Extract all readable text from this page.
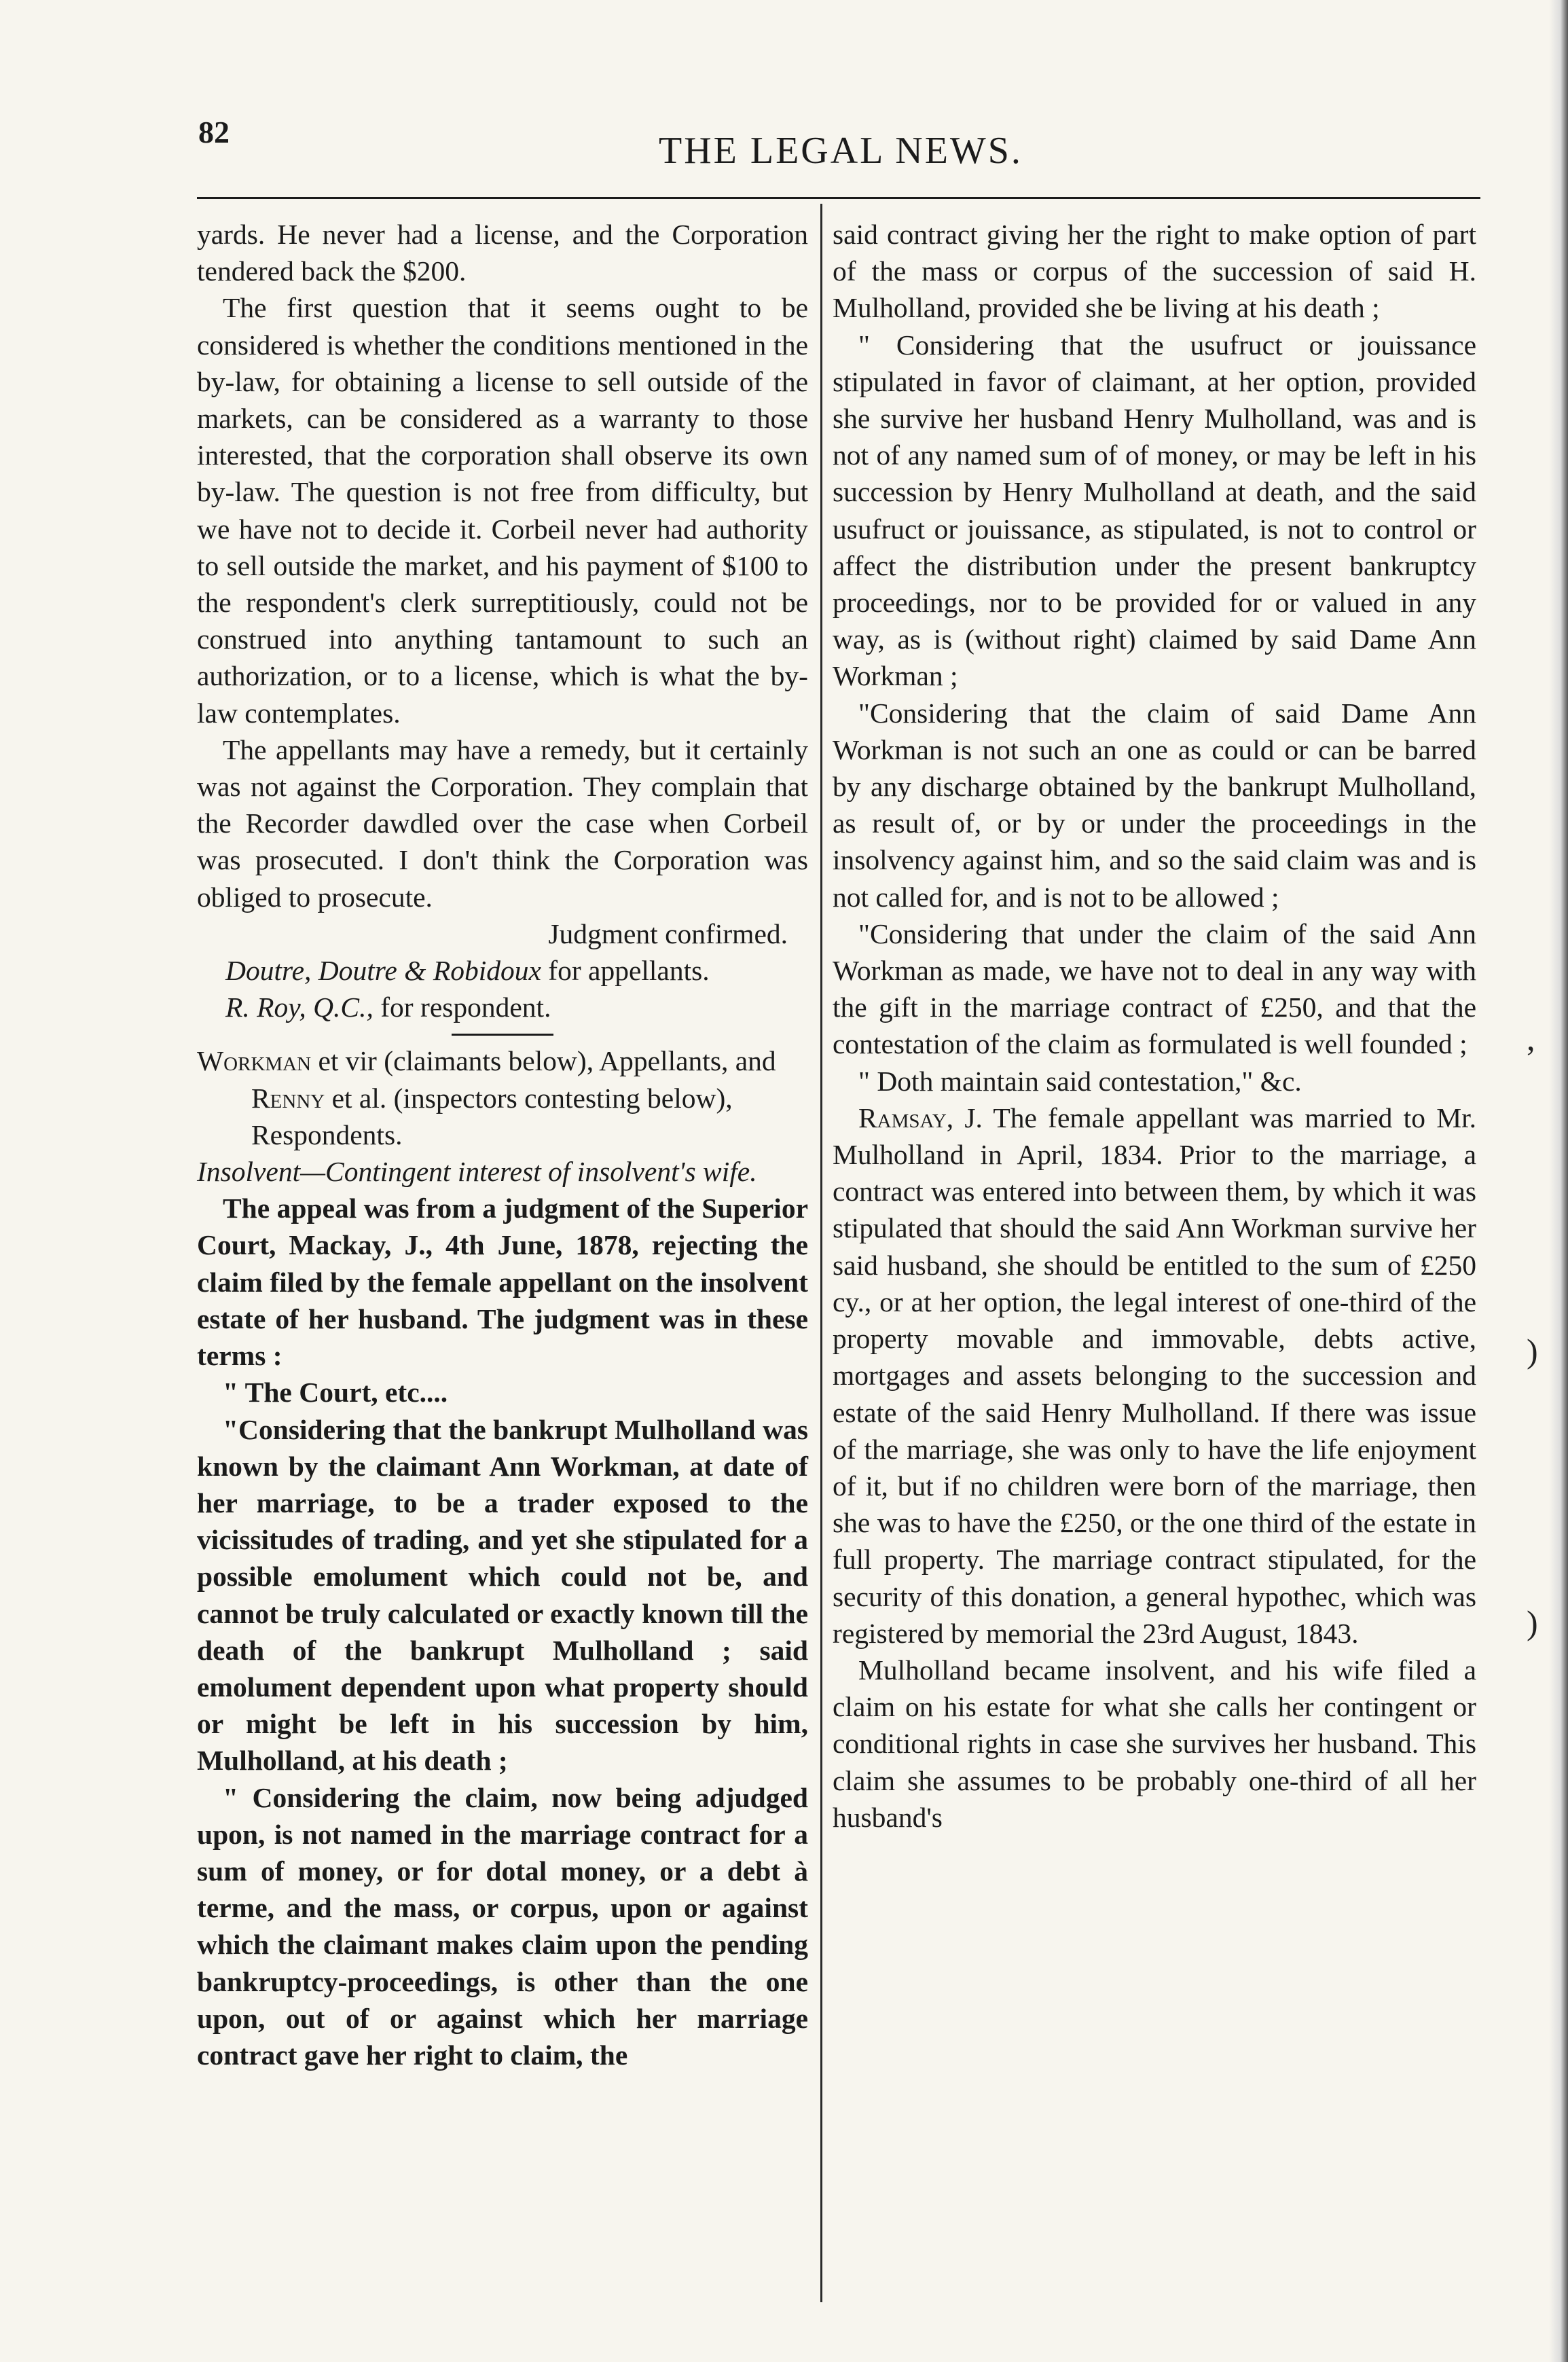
82	THE LEGAL NEWS.

yards. He never had a license, and the Corporation tendered back the $200.

The first question that it seems ought to be considered is whether the conditions mentioned in the by-law, for obtaining a license to sell outside of the markets, can be considered as a warranty to those interested, that the corporation shall observe its own by-law. The question is not free from difficulty, but we have not to decide it. Corbeil never had authority to sell outside the market, and his payment of $100 to the respondent's clerk surreptitiously, could not be construed into anything tantamount to such an authorization, or to a license, which is what the by-law contemplates.

The appellants may have a remedy, but it certainly was not against the Corporation. They complain that the Recorder dawdled over the case when Corbeil was prosecuted. I don't think the Corporation was obliged to prosecute.

Judgment confirmed.

Doutre, Doutre & Robidoux for appellants.

R. Roy, Q.C., for respondent.

Workman et vir (claimants below), Appellants, and Renny et al. (inspectors contesting below), Respondents.

Insolvent—Contingent interest of insolvent's wife.

The appeal was from a judgment of the Superior Court, Mackay, J., 4th June, 1878, rejecting the claim filed by the female appellant on the insolvent estate of her husband. The judgment was in these terms :

" The Court, etc....

"Considering that the bankrupt Mulholland was known by the claimant Ann Workman, at date of her marriage, to be a trader exposed to the vicissitudes of trading, and yet she stipulated for a possible emolument which could not be, and cannot be truly calculated or exactly known till the death of the bankrupt Mulholland ; said emolument dependent upon what property should or might be left in his succession by him, Mulholland, at his death ;

" Considering the claim, now being adjudged upon, is not named in the marriage contract for a sum of money, or for dotal money, or a debt à terme, and the mass, or corpus, upon or against which the claimant makes claim upon the pending bankruptcy-proceedings, is other than the one upon, out of or against which her marriage contract gave her right to claim, the

said contract giving her the right to make option of part of the mass or corpus of the succession of said H. Mulholland, provided she be living at his death ;

" Considering that the usufruct or jouissance stipulated in favor of claimant, at her option, provided she survive her husband Henry Mulholland, was and is not of any named sum of of money, or may be left in his succession by Henry Mulholland at death, and the said usufruct or jouissance, as stipulated, is not to control or affect the distribution under the present bankruptcy proceedings, nor to be provided for or valued in any way, as is (without right) claimed by said Dame Ann Workman ;

"Considering that the claim of said Dame Ann Workman is not such an one as could or can be barred by any discharge obtained by the bankrupt Mulholland, as result of, or by or under the proceedings in the insolvency against him, and so the said claim was and is not called for, and is not to be allowed ;

"Considering that under the claim of the said Ann Workman as made, we have not to deal in any way with the gift in the marriage contract of £250, and that the contestation of the claim as formulated is well founded ;

" Doth maintain said contestation," &c.

Ramsay, J. The female appellant was married to Mr. Mulholland in April, 1834. Prior to the marriage, a contract was entered into between them, by which it was stipulated that should the said Ann Workman survive her said husband, she should be entitled to the sum of £250 cy., or at her option, the legal interest of one-third of the property movable and immovable, debts active, mortgages and assets belonging to the succession and estate of the said Henry Mulholland. If there was issue of the marriage, she was only to have the life enjoyment of it, but if no children were born of the marriage, then she was to have the £250, or the one third of the estate in full property. The marriage contract stipulated, for the security of this donation, a general hypothec, which was registered by memorial the 23rd August, 1843.

Mulholland became insolvent, and his wife filed a claim on his estate for what she calls her contingent or conditional rights in case she survives her husband. This claim she assumes to be probably one-third of all her husband's

,
)
)
